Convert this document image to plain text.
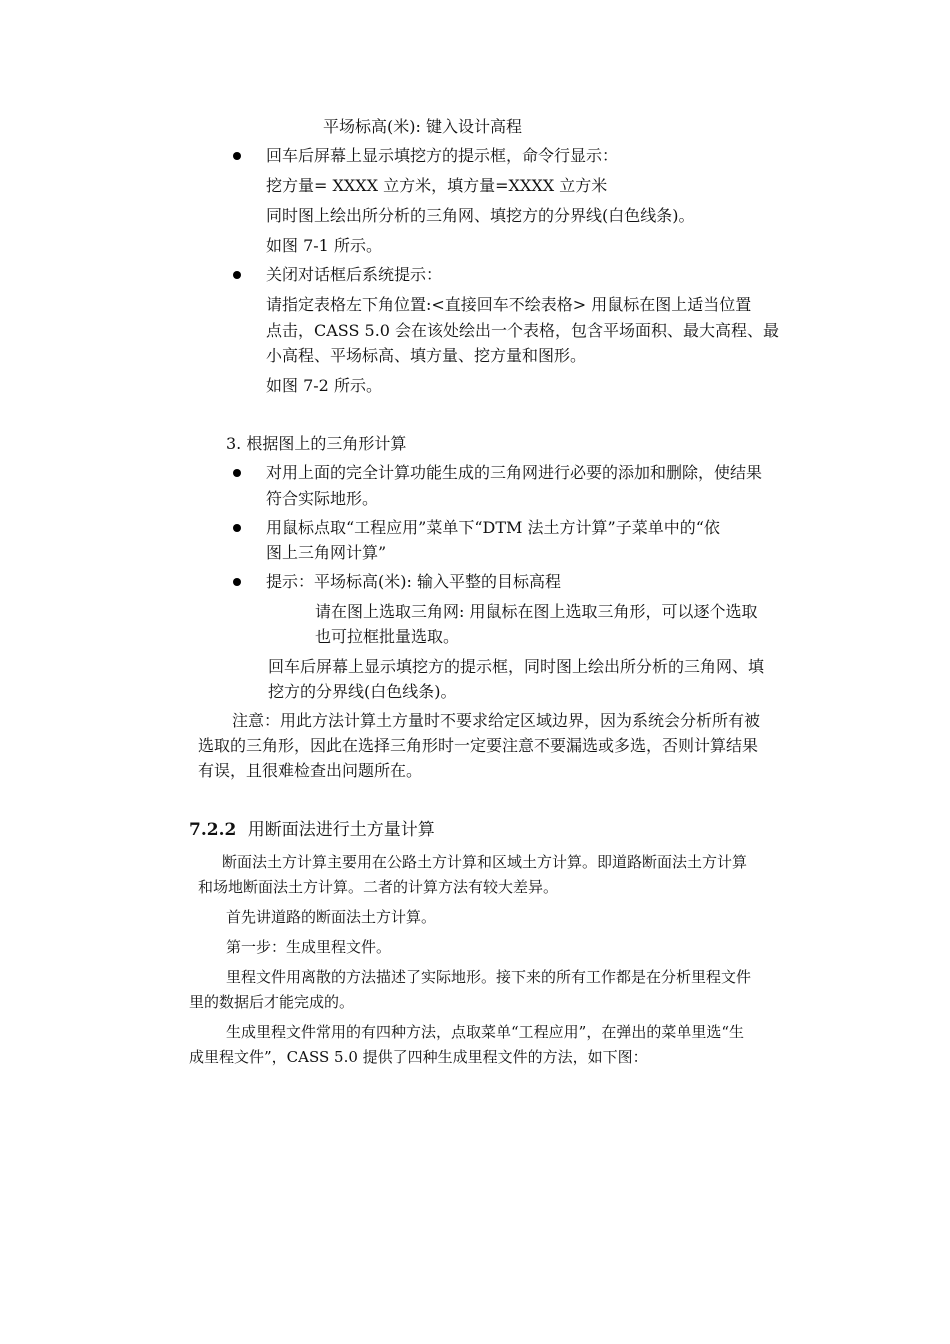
平场标高(米): 键入设计高程
回车后屏幕上显示填挖方的提示框，命令行显示：
挖方量= XXXX 立方米，填方量=XXXX 立方米
同时图上绘出所分析的三角网、填挖方的分界线(白色线条)。
如图 7-1 所示。
关闭对话框后系统提示：
请指定表格左下角位置:<直接回车不绘表格> 用鼠标在图上适当位置
点击，CASS 5.0 会在该处绘出一个表格，包含平场面积、最大高程、最
小高程、平场标高、填方量、挖方量和图形。
如图 7-2 所示。
3. 根据图上的三角形计算
对用上面的完全计算功能生成的三角网进行必要的添加和删除，使结果
符合实际地形。
用鼠标点取“工程应用”菜单下“DTM 法土方计算”子菜单中的“依
图上三角网计算”
提示：平场标高(米): 输入平整的目标高程
请在图上选取三角网: 用鼠标在图上选取三角形，可以逐个选取
也可拉框批量选取。
回车后屏幕上显示填挖方的提示框，同时图上绘出所分析的三角网、填
挖方的分界线(白色线条)。
注意：用此方法计算土方量时不要求给定区域边界，因为系统会分析所有被
选取的三角形，因此在选择三角形时一定要注意不要漏选或多选，否则计算结果
有误，且很难检查出问题所在。
7.2.2 用断面法进行土方量计算
断面法土方计算主要用在公路土方计算和区域土方计算。即道路断面法土方计算
和场地断面法土方计算。二者的计算方法有较大差异。
首先讲道路的断面法土方计算。
第一步：生成里程文件。
里程文件用离散的方法描述了实际地形。接下来的所有工作都是在分析里程文件
里的数据后才能完成的。
生成里程文件常用的有四种方法，点取菜单“工程应用”，在弹出的菜单里选“生
成里程文件”，CASS 5.0 提供了四种生成里程文件的方法，如下图：
